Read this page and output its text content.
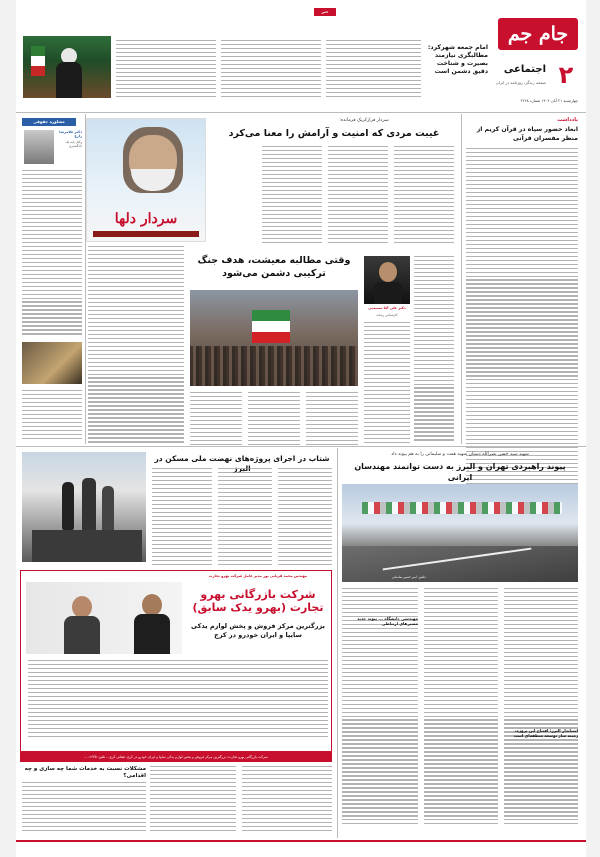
جام جم
۲
اجتماعی
صفحه زندگی روزنامه در ایران
چهارشنبه ۲۱ آبان ۱۴۰۴ شماره ۲۲۶۸
خبر
امام جمعه شهرکرد: مطالبگری نیازمند بصیرت و شناخت دقیق دشمن است
یادداشت
ابعاد حضور سپاه در قرآن کریم از منظر مفسران قرآنی
سردار فرازکریک فرمانده:
غیبت مردی که امنیت و آرامش را معنا می‌کرد
سردار دلها
مشاوره حقوقی
دکتر غلامرضا زارع
وکیل پایه یک دادگستری
دکتر علی آقا سمیه‌یی
کارشناس رسانه
وقتی مطالبه معیشت، هدف جنگ ترکیبی دشمن می‌شود
شهید سید حسن نصرالله دستان شهید همت و سلیمانی را به هم پیوند داد
پیوند راهبردی تهران و البرز به دست توانمند مهندسان ایرانی
عکس: امیر حسین ساسانی
استاندار البرز: افتتاح این پروژه، زمینه ساز توسعه منطقه‌ای است
مهندسی دانشگاه ... پیوند جدید مسیرهای ارتباطی
شتاب در اجرای پروژه‌های نهضت ملی مسکن در
مهندس محمد قربانی پور مدیر عامل شرکت بهرو تجارت
شرکت بازرگانی بهرو تجارت (بهرو یدک سابق)
بزرگترین مرکز فروش و پخش لوازم یدکی سایپا و ایران خودرو در کرج
شرکت بازرگانی بهرو تجارت: بزرگترین مرکز فروش و پخش لوازم یدکی سایپا و ایران خودرو در کرج، نشانی کرج... تلفن: ۰۲۶۳۵...
مشکلات نسبت به خدمات شما چه سازی و چه اقدامی؟
